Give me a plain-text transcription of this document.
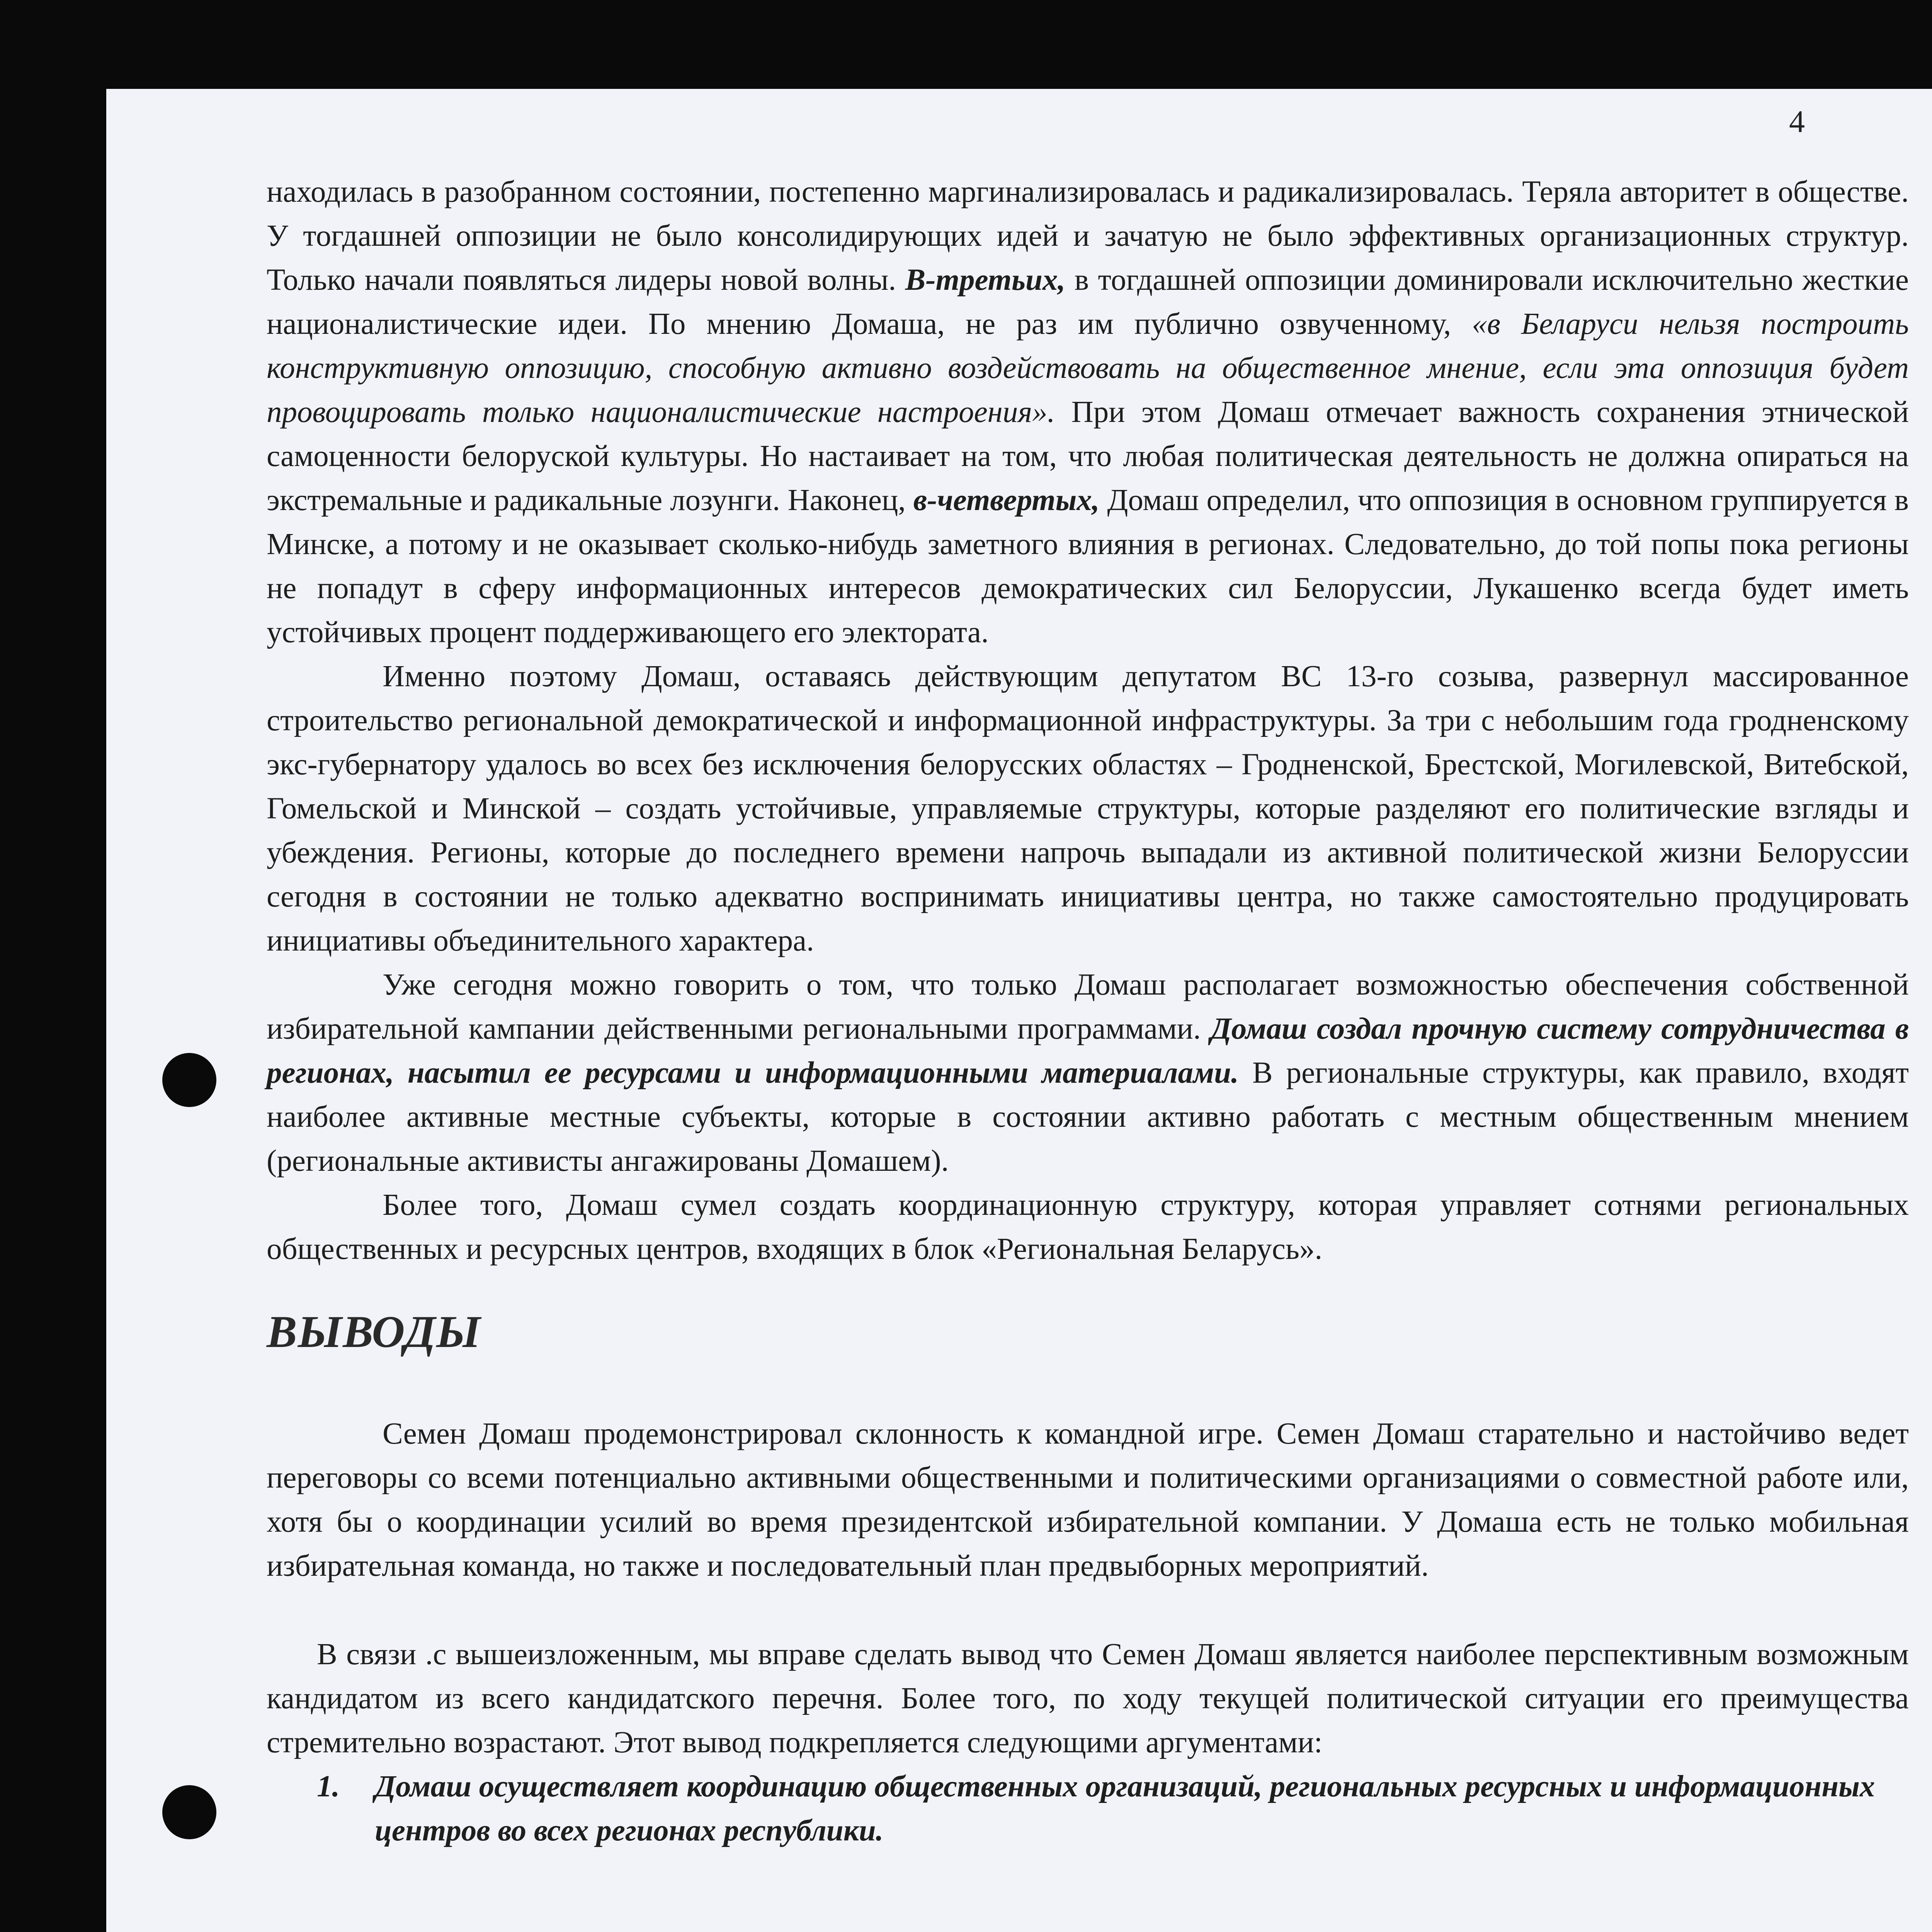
4

находилась в разобранном состоянии, постепенно маргинализировалась и радикализировалась. Теряла авторитет в обществе. У тогдашней оппозиции не было консолидирующих идей и зачатую не было эффективных организационных структур. Только начали появляться лидеры новой волны. В-третьих, в тогдашней оппозиции доминировали исключительно жесткие националистические идеи. По мнению Домаша, не раз им публично озвученному, «в Беларуси нельзя построить конструктивную оппозицию, способную активно воздействовать на общественное мнение, если эта оппозиция будет провоцировать только националистические настроения». При этом Домаш отмечает важность сохранения этнической самоценности белоруской культуры. Но настаивает на том, что любая политическая деятельность не должна опираться на экстремальные и радикальные лозунги. Наконец, в-четвертых, Домаш определил, что оппозиция в основном группируется в Минске, а потому и не оказывает сколько-нибудь заметного влияния в регионах. Следовательно, до той попы пока регионы не попадут в сферу информационных интересов демократических сил Белоруссии, Лукашенко всегда будет иметь устойчивых процент поддерживающего его электората.

Именно поэтому Домаш, оставаясь действующим депутатом ВС 13-го созыва, развернул массированное строительство региональной демократической и информационной инфраструктуры. За три с небольшим года гродненскому экс-губернатору удалось во всех без исключения белорусских областях – Гродненской, Брестской, Могилевской, Витебской, Гомельской и Минской – создать устойчивые, управляемые структуры, которые разделяют его политические взгляды и убеждения. Регионы, которые до последнего времени напрочь выпадали из активной политической жизни Белоруссии сегодня в состоянии не только адекватно воспринимать инициативы центра, но также самостоятельно продуцировать инициативы объединительного характера.

Уже сегодня можно говорить о том, что только Домаш располагает возможностью обеспечения собственной избирательной кампании действенными региональными программами. Домаш создал прочную систему сотрудничества в регионах, насытил ее ресурсами и информационными материалами. В региональные структуры, как правило, входят наиболее активные местные субъекты, которые в состоянии активно работать с местным общественным мнением (региональные активисты ангажированы Домашем).

Более того, Домаш сумел создать координационную структуру, которая управляет сотнями региональных общественных и ресурсных центров, входящих в блок «Региональная Беларусь».

ВЫВОДЫ

Семен Домаш продемонстрировал склонность к командной игре. Семен Домаш старательно и настойчиво ведет переговоры со всеми потенциально активными общественными и политическими организациями о совместной работе или, хотя бы о координации усилий во время президентской избирательной компании. У Домаша есть не только мобильная избирательная команда, но также и последовательный план предвыборных мероприятий.

В связи .с вышеизложенным, мы вправе сделать вывод что Семен Домаш является наиболее перспективным возможным кандидатом из всего кандидатского перечня. Более того, по ходу текущей политической ситуации его преимущества стремительно возрастают. Этот вывод подкрепляется следующими аргументами:

1. Домаш осуществляет координацию общественных организаций, региональных ресурсных и информационных центров во всех регионах республики.
